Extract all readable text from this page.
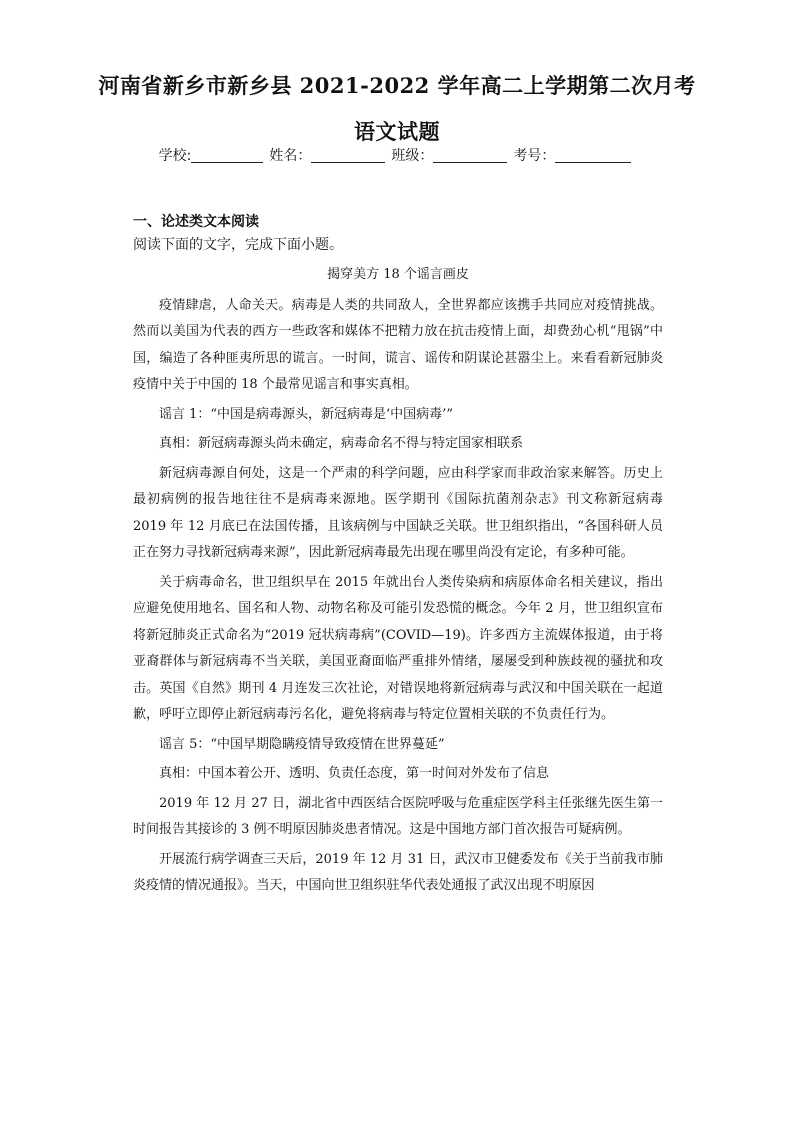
河南省新乡市新乡县 2021-2022 学年高二上学期第二次月考
语文试题
学校:	姓名：	班级：	考号：
一、论述类文本阅读
阅读下面的文字，完成下面小题。

揭穿美方 18 个谣言画皮

疫情肆虐，人命关天。病毒是人类的共同敌人，全世界都应该携手共同应对疫情挑战。然而以美国为代表的西方一些政客和媒体不把精力放在抗击疫情上面，却费劲心机“甩锅”中国，编造了各种匪夷所思的谎言。一时间，谎言、谣传和阴谋论甚嚣尘上。来看看新冠肺炎疫情中关于中国的 18 个最常见谣言和事实真相。

谣言 1：“中国是病毒源头，新冠病毒是‘中国病毒’”

真相：新冠病毒源头尚未确定，病毒命名不得与特定国家相联系

新冠病毒源自何处，这是一个严肃的科学问题，应由科学家而非政治家来解答。历史上最初病例的报告地往往不是病毒来源地。医学期刊《国际抗菌剂杂志》刊文称新冠病毒 2019 年 12 月底已在法国传播，且该病例与中国缺乏关联。世卫组织指出，“各国科研人员正在努力寻找新冠病毒来源”，因此新冠病毒最先出现在哪里尚没有定论，有多种可能。

关于病毒命名，世卫组织早在 2015 年就出台人类传染病和病原体命名相关建议，指出应避免使用地名、国名和人物、动物名称及可能引发恐慌的概念。今年 2 月，世卫组织宣布将新冠肺炎正式命名为“2019 冠状病毒病”(COVID—19)。许多西方主流媒体报道，由于将亚裔群体与新冠病毒不当关联，美国亚裔面临严重排外情绪，屡屡受到种族歧视的骚扰和攻击。英国《自然》期刊 4 月连发三次社论，对错误地将新冠病毒与武汉和中国关联在一起道歉，呼吁立即停止新冠病毒污名化，避免将病毒与特定位置相关联的不负责任行为。

谣言 5：“中国早期隐瞒疫情导致疫情在世界蔓延”

真相：中国本着公开、透明、负责任态度，第一时间对外发布了信息

2019 年 12 月 27 日，湖北省中西医结合医院呼吸与危重症医学科主任张继先医生第一时间报告其接诊的 3 例不明原因肺炎患者情况。这是中国地方部门首次报告可疑病例。

开展流行病学调查三天后，2019 年 12 月 31 日，武汉市卫健委发布《关于当前我市肺炎疫情的情况通报》。当天，中国向世卫组织驻华代表处通报了武汉出现不明原因
